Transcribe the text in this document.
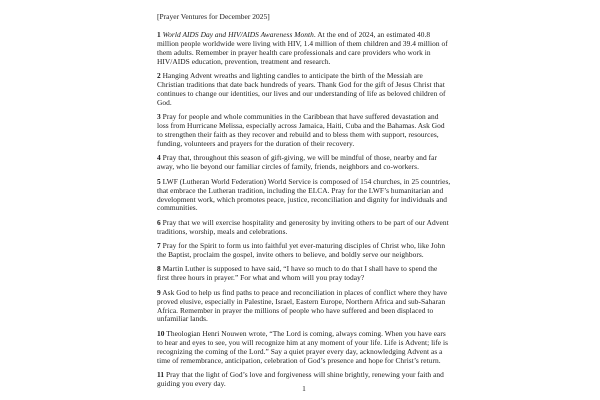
[Prayer Ventures for December 2025]

1 World AIDS Day and HIV/AIDS Awareness Month. At the end of 2024, an estimated 40.8 million people worldwide were living with HIV, 1.4 million of them children and 39.4 million of them adults. Remember in prayer health care professionals and care providers who work in HIV/AIDS education, prevention, treatment and research.

2 Hanging Advent wreaths and lighting candles to anticipate the birth of the Messiah are Christian traditions that date back hundreds of years. Thank God for the gift of Jesus Christ that continues to change our identities, our lives and our understanding of life as beloved children of God.

3 Pray for people and whole communities in the Caribbean that have suffered devastation and loss from Hurricane Melissa, especially across Jamaica, Haiti, Cuba and the Bahamas. Ask God to strengthen their faith as they recover and rebuild and to bless them with support, resources, funding, volunteers and prayers for the duration of their recovery.

4 Pray that, throughout this season of gift-giving, we will be mindful of those, nearby and far away, who lie beyond our familiar circles of family, friends, neighbors and co-workers.

5 LWF (Lutheran World Federation) World Service is composed of 154 churches, in 25 countries, that embrace the Lutheran tradition, including the ELCA. Pray for the LWF’s humanitarian and development work, which promotes peace, justice, reconciliation and dignity for individuals and communities.

6 Pray that we will exercise hospitality and generosity by inviting others to be part of our Advent traditions, worship, meals and celebrations.

7 Pray for the Spirit to form us into faithful yet ever-maturing disciples of Christ who, like John the Baptist, proclaim the gospel, invite others to believe, and boldly serve our neighbors.

8 Martin Luther is supposed to have said, “I have so much to do that I shall have to spend the first three hours in prayer.” For what and whom will you pray today?

9 Ask God to help us find paths to peace and reconciliation in places of conflict where they have proved elusive, especially in Palestine, Israel, Eastern Europe, Northern Africa and sub-Saharan Africa. Remember in prayer the millions of people who have suffered and been displaced to unfamiliar lands.

10 Theologian Henri Nouwen wrote, “The Lord is coming, always coming. When you have ears to hear and eyes to see, you will recognize him at any moment of your life. Life is Advent; life is recognizing the coming of the Lord.” Say a quiet prayer every day, acknowledging Advent as a time of remembrance, anticipation, celebration of God’s presence and hope for Christ’s return.

11 Pray that the light of God’s love and forgiveness will shine brightly, renewing your faith and guiding you every day.

1
